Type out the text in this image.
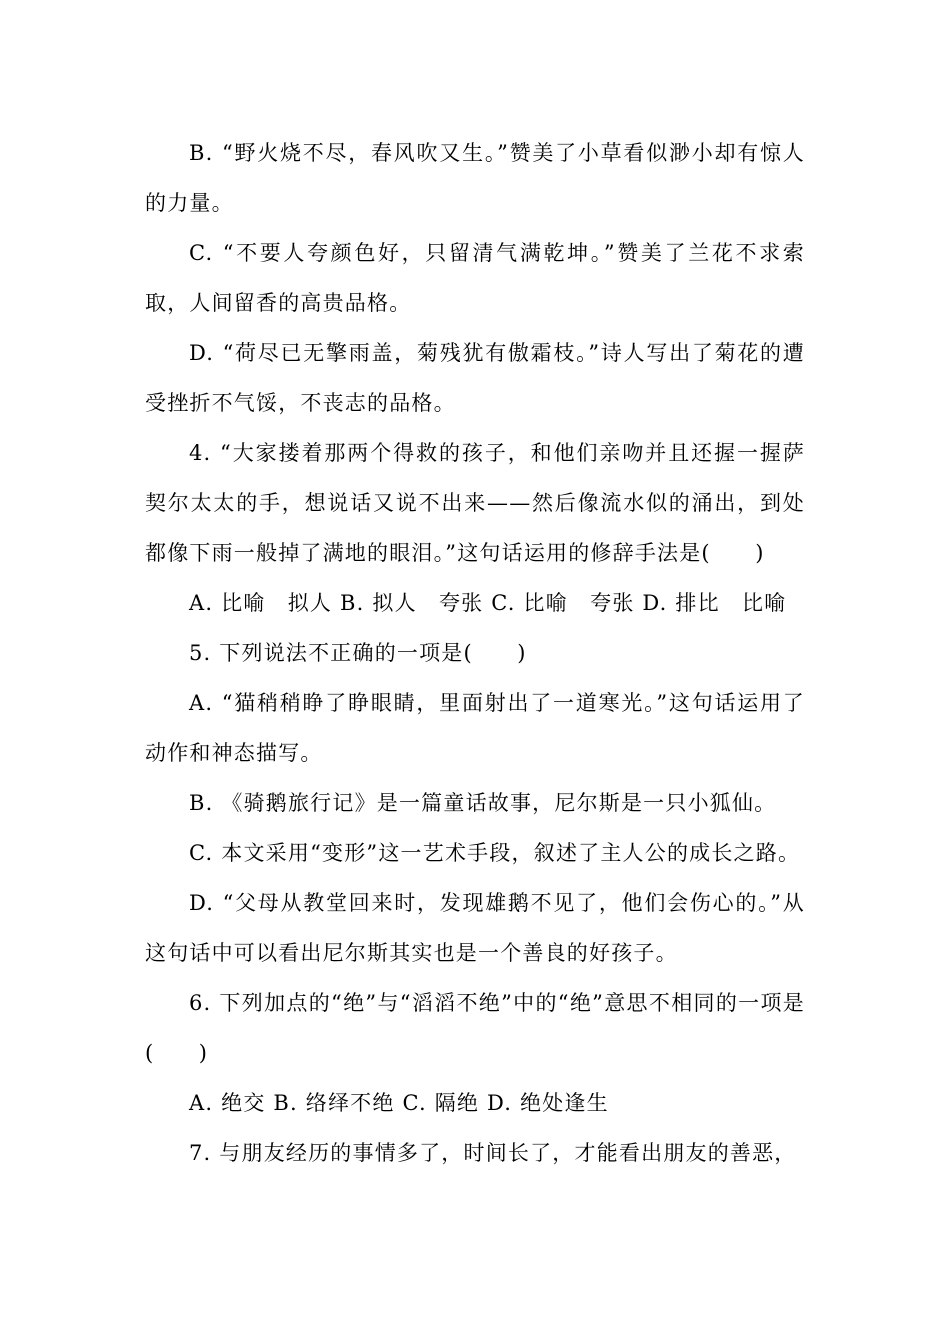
B. “野火烧不尽，春风吹又生。”赞美了小草看似渺小却有惊人的力量。

C. “不要人夸颜色好，只留清气满乾坤。”赞美了兰花不求索取，人间留香的高贵品格。

D. “荷尽已无擎雨盖，菊残犹有傲霜枝。”诗人写出了菊花的遭受挫折不气馁，不丧志的品格。

4. “大家搂着那两个得救的孩子，和他们亲吻并且还握一握萨契尔太太的手，想说话又说不出来——然后像流水似的涌出，到处都像下雨一般掉了满地的眼泪。”这句话运用的修辞手法是(　　)

A. 比喻　拟人 B. 拟人　夸张 C. 比喻　夸张 D. 排比　比喻

5. 下列说法不正确的一项是(　　)

A. “猫稍稍睁了睁眼睛，里面射出了一道寒光。”这句话运用了动作和神态描写。

B. 《骑鹅旅行记》是一篇童话故事，尼尔斯是一只小狐仙。

C. 本文采用“变形”这一艺术手段，叙述了主人公的成长之路。

D. “父母从教堂回来时，发现雄鹅不见了，他们会伤心的。”从这句话中可以看出尼尔斯其实也是一个善良的好孩子。

6. 下列加点的“绝”与“滔滔不绝”中的“绝”意思不相同的一项是(　　)

A. 绝交 B. 络绎不绝 C. 隔绝 D. 绝处逢生

7. 与朋友经历的事情多了，时间长了，才能看出朋友的善恶，
